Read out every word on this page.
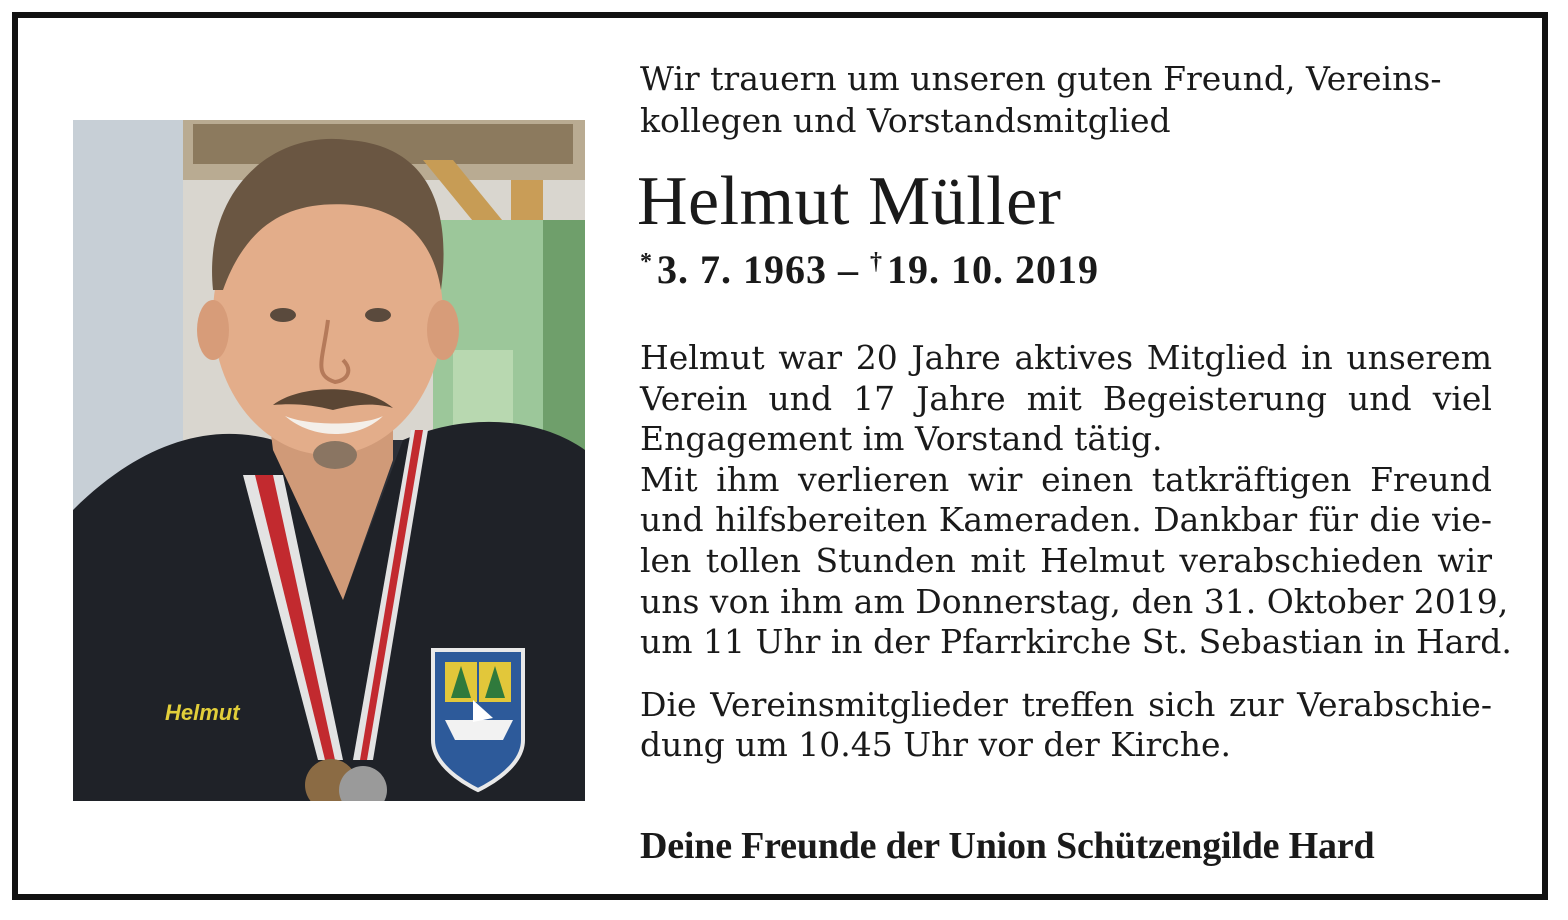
Helmut

Wir trauern um unseren guten Freund, Vereins-
kollegen und Vorstandsmitglied

Helmut Müller
* 3. 7. 1963 – † 19. 10. 2019
Helmut war 20 Jahre aktives Mitglied in unserem
Verein und 17 Jahre mit Begeisterung und viel
Engagement im Vorstand tätig.
Mit ihm verlieren wir einen tatkräftigen Freund
und hilfsbereiten Kameraden. Dankbar für die vie-
len tollen Stunden mit Helmut verabschieden wir
uns von ihm am Donnerstag, den 31. Oktober 2019,
um 11 Uhr in der Pfarrkirche St. Sebastian in Hard.
Die Vereinsmitglieder treffen sich zur Verabschie-
dung um 10.45 Uhr vor der Kirche.
Deine Freunde der Union Schützengilde Hard
